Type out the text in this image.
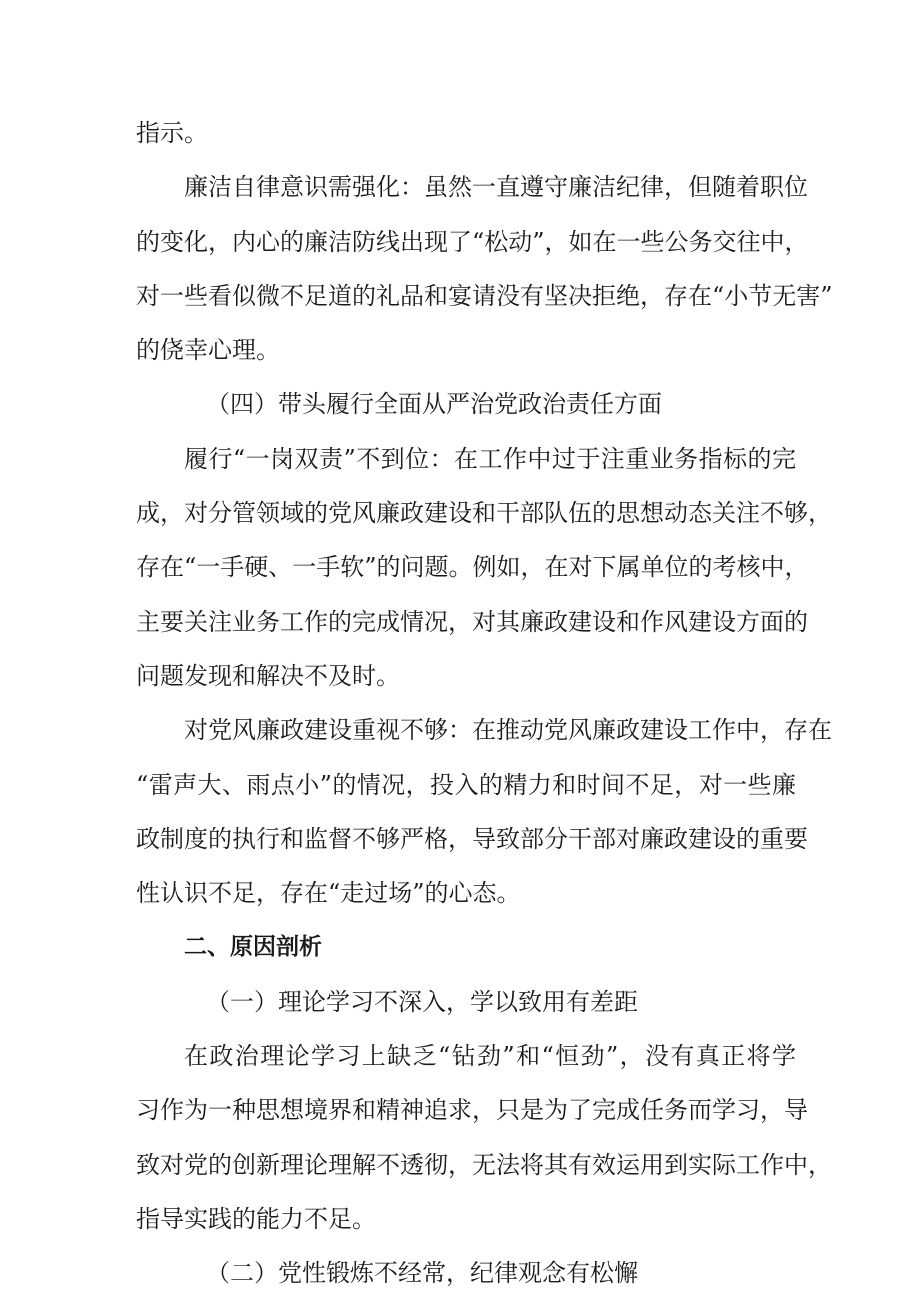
指示。
廉洁自律意识需强化：虽然一直遵守廉洁纪律，但随着职位
的变化，内心的廉洁防线出现了“松动”，如在一些公务交往中，
对一些看似微不足道的礼品和宴请没有坚决拒绝，存在“小节无害”
的侥幸心理。
（四）带头履行全面从严治党政治责任方面
履行“一岗双责”不到位：在工作中过于注重业务指标的完
成，对分管领域的党风廉政建设和干部队伍的思想动态关注不够，
存在“一手硬、一手软”的问题。例如，在对下属单位的考核中，
主要关注业务工作的完成情况，对其廉政建设和作风建设方面的
问题发现和解决不及时。
对党风廉政建设重视不够：在推动党风廉政建设工作中，存在
“雷声大、雨点小”的情况，投入的精力和时间不足，对一些廉
政制度的执行和监督不够严格，导致部分干部对廉政建设的重要
性认识不足，存在“走过场”的心态。
二、原因剖析
（一）理论学习不深入，学以致用有差距
在政治理论学习上缺乏“钻劲”和“恒劲”，没有真正将学
习作为一种思想境界和精神追求，只是为了完成任务而学习，导
致对党的创新理论理解不透彻，无法将其有效运用到实际工作中，
指导实践的能力不足。
（二）党性锻炼不经常，纪律观念有松懈
